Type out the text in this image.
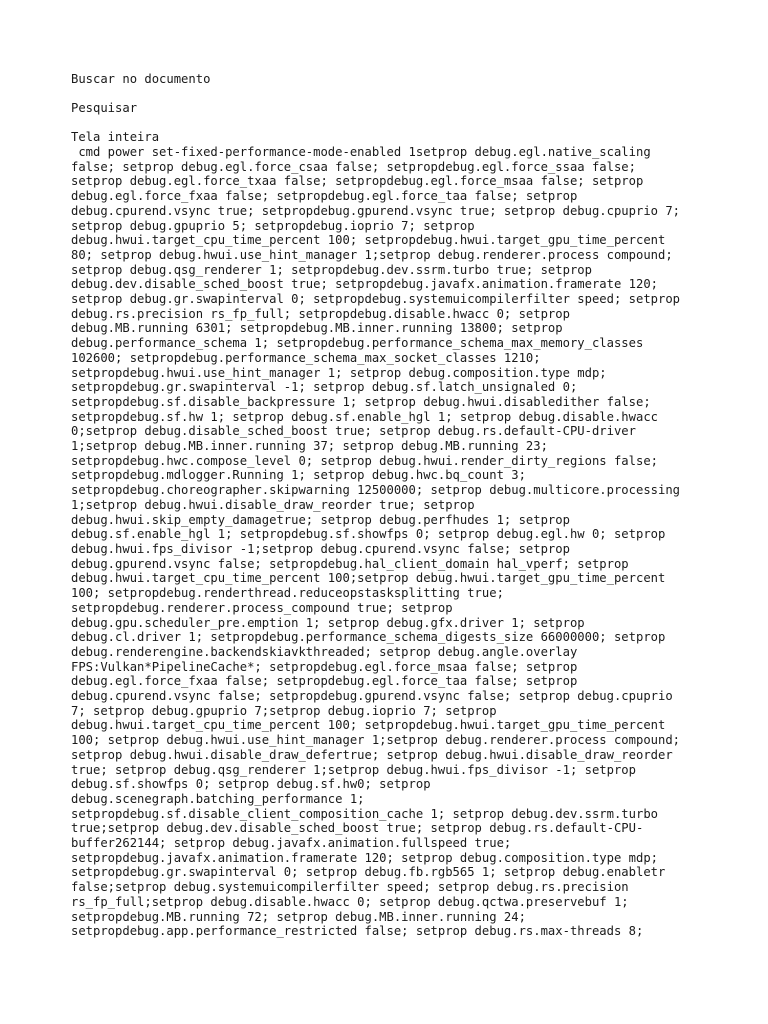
Buscar no documento
Pesquisar
Tela inteira
cmd power set-fixed-performance-mode-enabled 1setprop debug.egl.native_scaling
false; setprop debug.egl.force_csaa false; setpropdebug.egl.force_ssaa false;
setprop debug.egl.force_txaa false; setpropdebug.egl.force_msaa false; setprop
debug.egl.force_fxaa false; setpropdebug.egl.force_taa false; setprop
debug.cpurend.vsync true; setpropdebug.gpurend.vsync true; setprop debug.cpuprio 7;
setprop debug.gpuprio 5; setpropdebug.ioprio 7; setprop
debug.hwui.target_cpu_time_percent 100; setpropdebug.hwui.target_gpu_time_percent
80; setprop debug.hwui.use_hint_manager 1;setprop debug.renderer.process compound;
setprop debug.qsg_renderer 1; setpropdebug.dev.ssrm.turbo true; setprop
debug.dev.disable_sched_boost true; setpropdebug.javafx.animation.framerate 120;
setprop debug.gr.swapinterval 0; setpropdebug.systemuicompilerfilter speed; setprop
debug.rs.precision rs_fp_full; setpropdebug.disable.hwacc 0; setprop
debug.MB.running 6301; setpropdebug.MB.inner.running 13800; setprop
debug.performance_schema 1; setpropdebug.performance_schema_max_memory_classes
102600; setpropdebug.performance_schema_max_socket_classes 1210;
setpropdebug.hwui.use_hint_manager 1; setprop debug.composition.type mdp;
setpropdebug.gr.swapinterval -1; setprop debug.sf.latch_unsignaled 0;
setpropdebug.sf.disable_backpressure 1; setprop debug.hwui.disabledither false;
setpropdebug.sf.hw 1; setprop debug.sf.enable_hgl 1; setprop debug.disable.hwacc
0;setprop debug.disable_sched_boost true; setprop debug.rs.default-CPU-driver
1;setprop debug.MB.inner.running 37; setprop debug.MB.running 23;
setpropdebug.hwc.compose_level 0; setprop debug.hwui.render_dirty_regions false;
setpropdebug.mdlogger.Running 1; setprop debug.hwc.bq_count 3;
setpropdebug.choreographer.skipwarning 12500000; setprop debug.multicore.processing
1;setprop debug.hwui.disable_draw_reorder true; setprop
debug.hwui.skip_empty_damagetrue; setprop debug.perfhudes 1; setprop
debug.sf.enable_hgl 1; setpropdebug.sf.showfps 0; setprop debug.egl.hw 0; setprop
debug.hwui.fps_divisor -1;setprop debug.cpurend.vsync false; setprop
debug.gpurend.vsync false; setpropdebug.hal_client_domain hal_vperf; setprop
debug.hwui.target_cpu_time_percent 100;setprop debug.hwui.target_gpu_time_percent
100; setpropdebug.renderthread.reduceopstasksplitting true;
setpropdebug.renderer.process_compound true; setprop
debug.gpu.scheduler_pre.emption 1; setprop debug.gfx.driver 1; setprop
debug.cl.driver 1; setpropdebug.performance_schema_digests_size 66000000; setprop
debug.renderengine.backendskiavkthreaded; setprop debug.angle.overlay
FPS:Vulkan*PipelineCache*; setpropdebug.egl.force_msaa false; setprop
debug.egl.force_fxaa false; setpropdebug.egl.force_taa false; setprop
debug.cpurend.vsync false; setpropdebug.gpurend.vsync false; setprop debug.cpuprio
7; setprop debug.gpuprio 7;setprop debug.ioprio 7; setprop
debug.hwui.target_cpu_time_percent 100; setpropdebug.hwui.target_gpu_time_percent
100; setprop debug.hwui.use_hint_manager 1;setprop debug.renderer.process compound;
setprop debug.hwui.disable_draw_defertrue; setprop debug.hwui.disable_draw_reorder
true; setprop debug.qsg_renderer 1;setprop debug.hwui.fps_divisor -1; setprop
debug.sf.showfps 0; setprop debug.sf.hw0; setprop
debug.scenegraph.batching_performance 1;
setpropdebug.sf.disable_client_composition_cache 1; setprop debug.dev.ssrm.turbo
true;setprop debug.dev.disable_sched_boost true; setprop debug.rs.default-CPU-
buffer262144; setprop debug.javafx.animation.fullspeed true;
setpropdebug.javafx.animation.framerate 120; setprop debug.composition.type mdp;
setpropdebug.gr.swapinterval 0; setprop debug.fb.rgb565 1; setprop debug.enabletr
false;setprop debug.systemuicompilerfilter speed; setprop debug.rs.precision
rs_fp_full;setprop debug.disable.hwacc 0; setprop debug.qctwa.preservebuf 1;
setpropdebug.MB.running 72; setprop debug.MB.inner.running 24;
setpropdebug.app.performance_restricted false; setprop debug.rs.max-threads 8;
